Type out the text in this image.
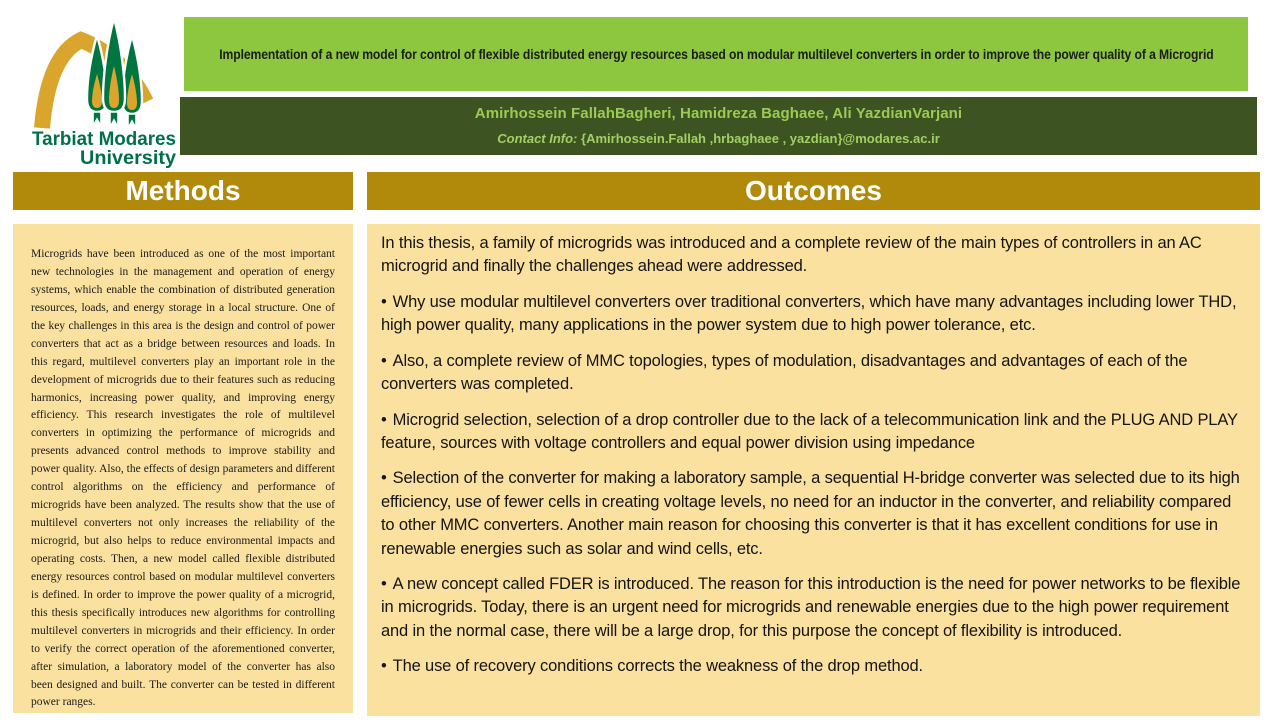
Tarbiat Modares
University
Implementation of a new model for control of flexible distributed energy resources based on modular multilevel converters in order to improve the power quality of a Microgrid
Amirhossein FallahBagheri, Hamidreza Baghaee, Ali YazdianVarjani
Contact Info: {Amirhossein.Fallah ,hrbaghaee , yazdian}@modares.ac.ir
Methods	Outcomes

Microgrids have been introduced as one of the most important new technologies in the management and operation of energy systems, which enable the combination of distributed generation resources, loads, and energy storage in a local structure. One of the key challenges in this area is the design and control of power converters that act as a bridge between resources and loads. In this regard, multilevel converters play an important role in the development of microgrids due to their features such as reducing harmonics, increasing power quality, and improving energy efficiency. This research investigates the role of multilevel converters in optimizing the performance of microgrids and presents advanced control methods to improve stability and power quality. Also, the effects of design parameters and different control algorithms on the efficiency and performance of microgrids have been analyzed. The results show that the use of multilevel converters not only increases the reliability of the microgrid, but also helps to reduce environmental impacts and operating costs. Then, a new model called flexible distributed energy resources control based on modular multilevel converters is defined. In order to improve the power quality of a microgrid, this thesis specifically introduces new algorithms for controlling multilevel converters in microgrids and their efficiency. In order to verify the correct operation of the aforementioned converter, after simulation, a laboratory model of the converter has also been designed and built. The converter can be tested in different power ranges.

In this thesis, a family of microgrids was introduced and a complete review of the main types of controllers in an AC microgrid and finally the challenges ahead were addressed.

• Why use modular multilevel converters over traditional converters, which have many advantages including lower THD, high power quality, many applications in the power system due to high power tolerance, etc.

• Also, a complete review of MMC topologies, types of modulation, disadvantages and advantages of each of the converters was completed.

• Microgrid selection, selection of a drop controller due to the lack of a telecommunication link and the PLUG AND PLAY feature, sources with voltage controllers and equal power division using impedance

• Selection of the converter for making a laboratory sample, a sequential H-bridge converter was selected due to its high efficiency, use of fewer cells in creating voltage levels, no need for an inductor in the converter, and reliability compared to other MMC converters. Another main reason for choosing this converter is that it has excellent conditions for use in renewable energies such as solar and wind cells, etc.

• A new concept called FDER is introduced. The reason for this introduction is the need for power networks to be flexible in microgrids. Today, there is an urgent need for microgrids and renewable energies due to the high power requirement and in the normal case, there will be a large drop, for this purpose the concept of flexibility is introduced.

• The use of recovery conditions corrects the weakness of the drop method.
